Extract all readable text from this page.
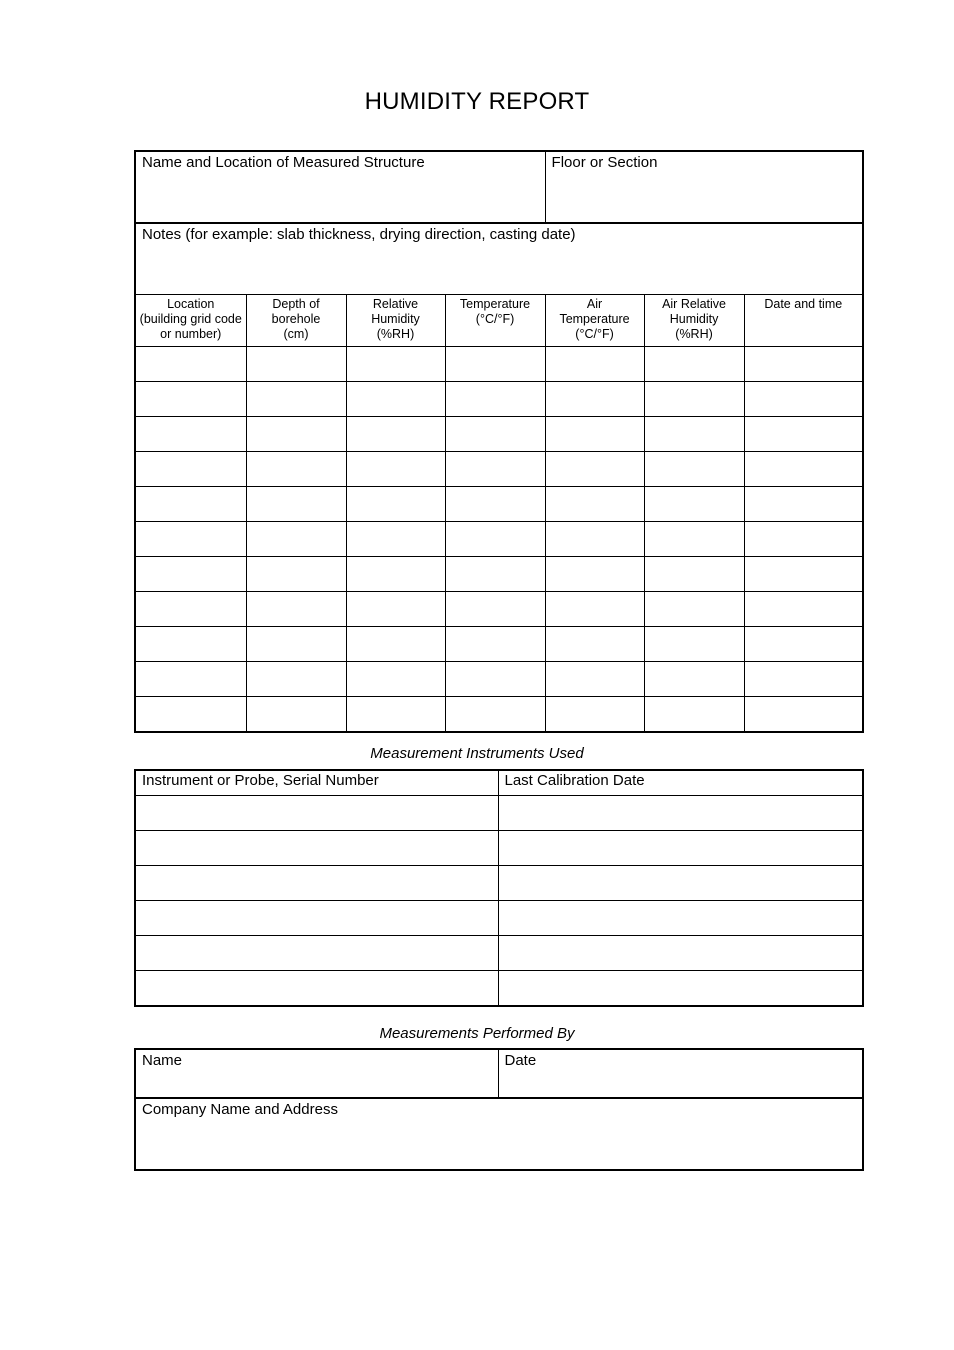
HUMIDITY REPORT
Name and Location of Measured Structure				Floor or Section		
Notes (for example: slab thickness, drying direction, casting date)						

Location
(building grid code
or number)	Depth of
borehole
(cm)	Relative
Humidity
(%RH)	Temperature
(°C/°F)	Air
Temperature
(°C/°F)	Air Relative
Humidity
(%RH)	Date and time

Measurement Instruments Used
Instrument or Probe, Serial Number	Last Calibration Date

Measurements Performed By
Name	Date
Company Name and Address
